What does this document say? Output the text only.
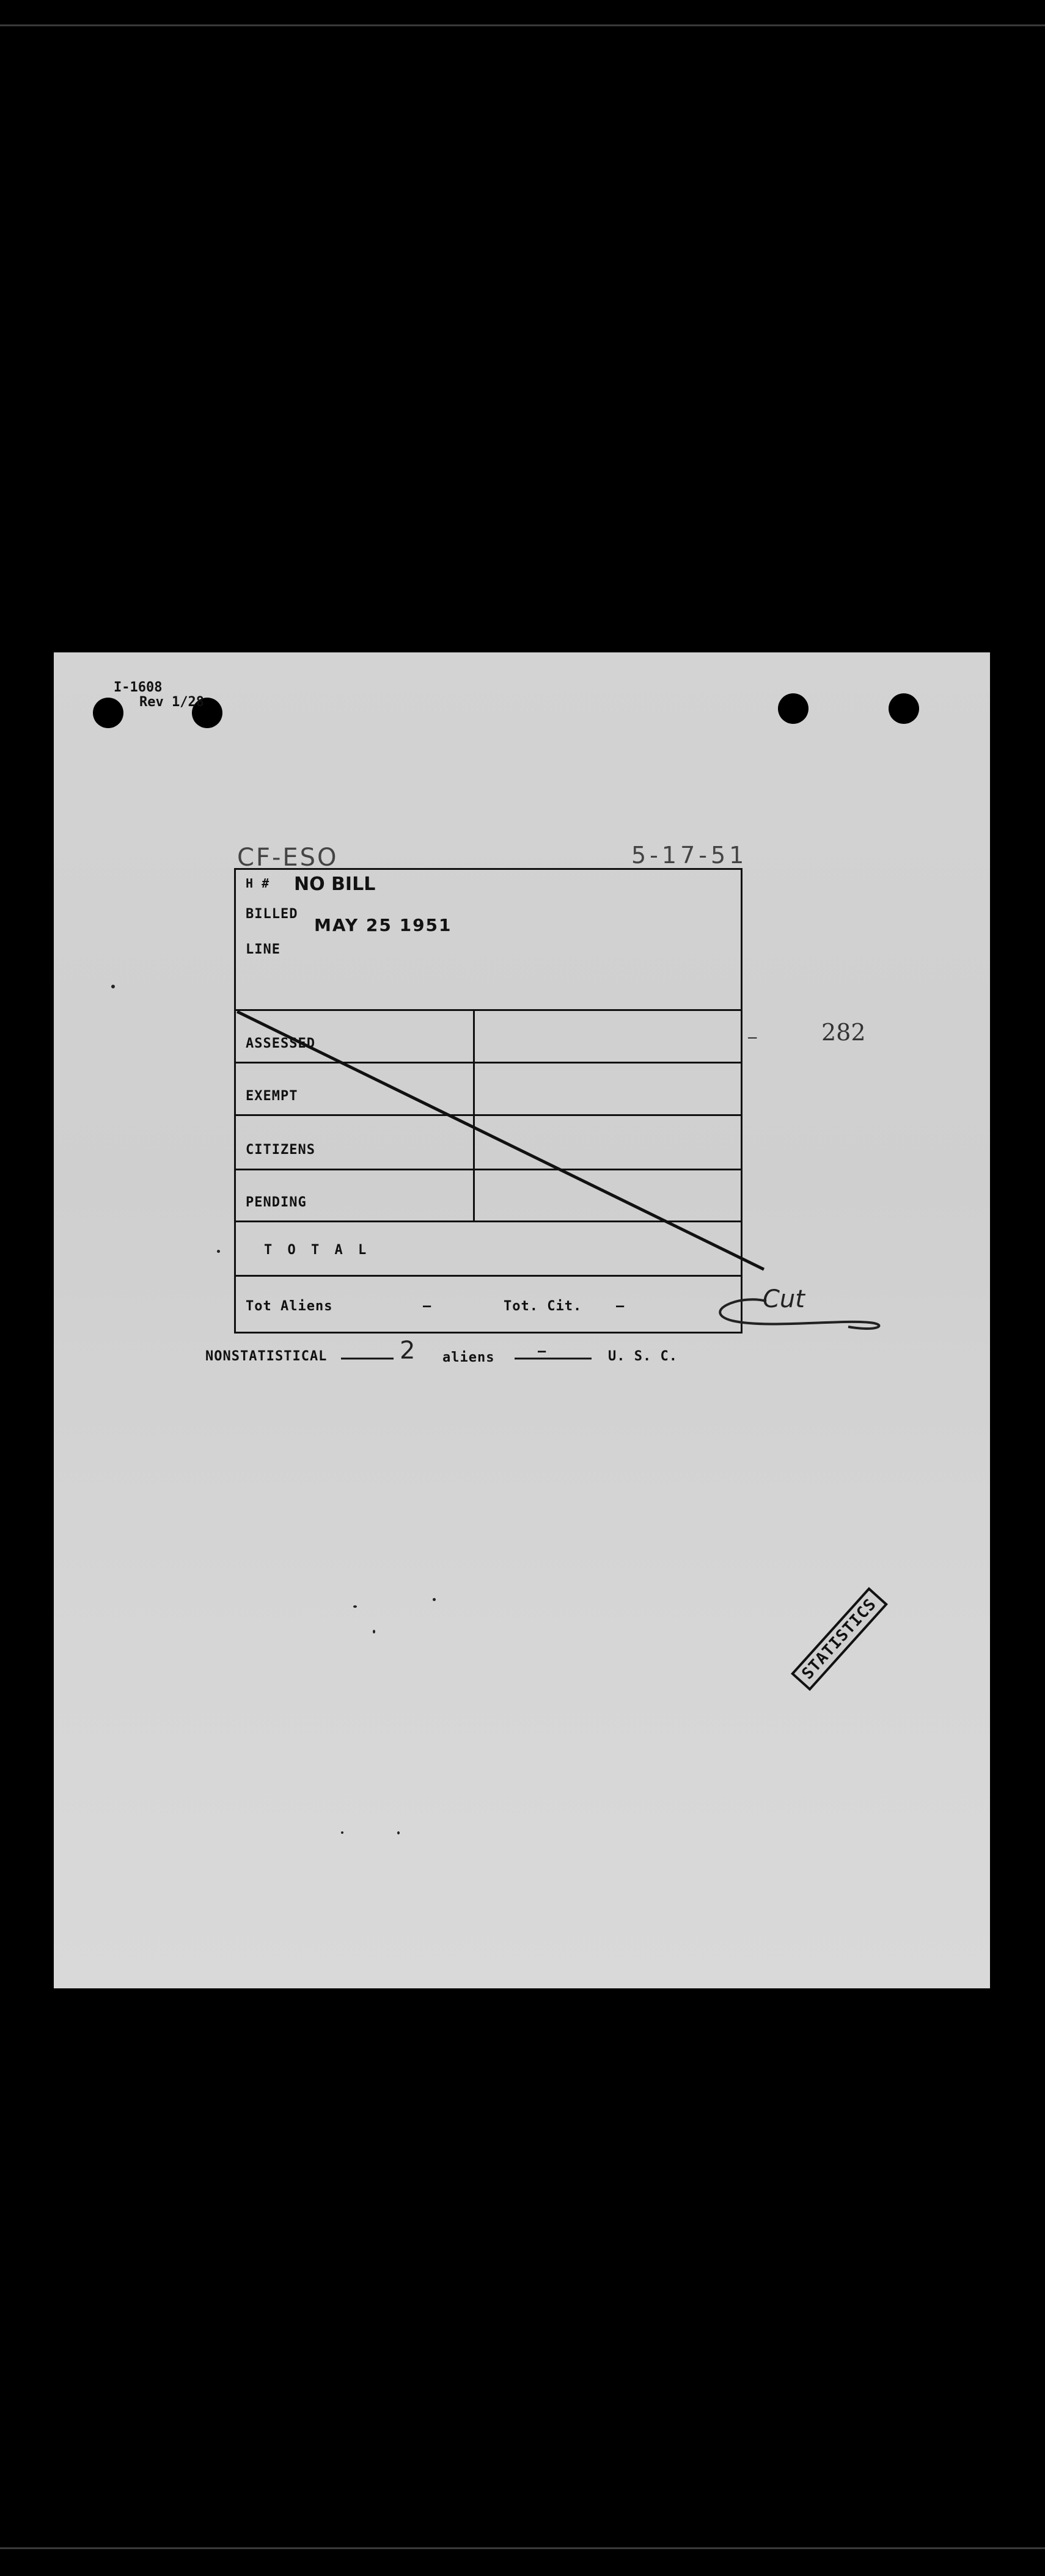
I-1608
Rev 1/28
CF-ESO	5-17-51
H # NO BILL
BILLED
MAY 25 1951
LINE
ASSESSED
EXEMPT
CITIZENS
PENDING
T O T A L
Tot Aliens	—	Tot. Cit.	—
282
–
NONSTATISTICAL	2 aliens	—	U. S. C.
Cut
STATISTICS
